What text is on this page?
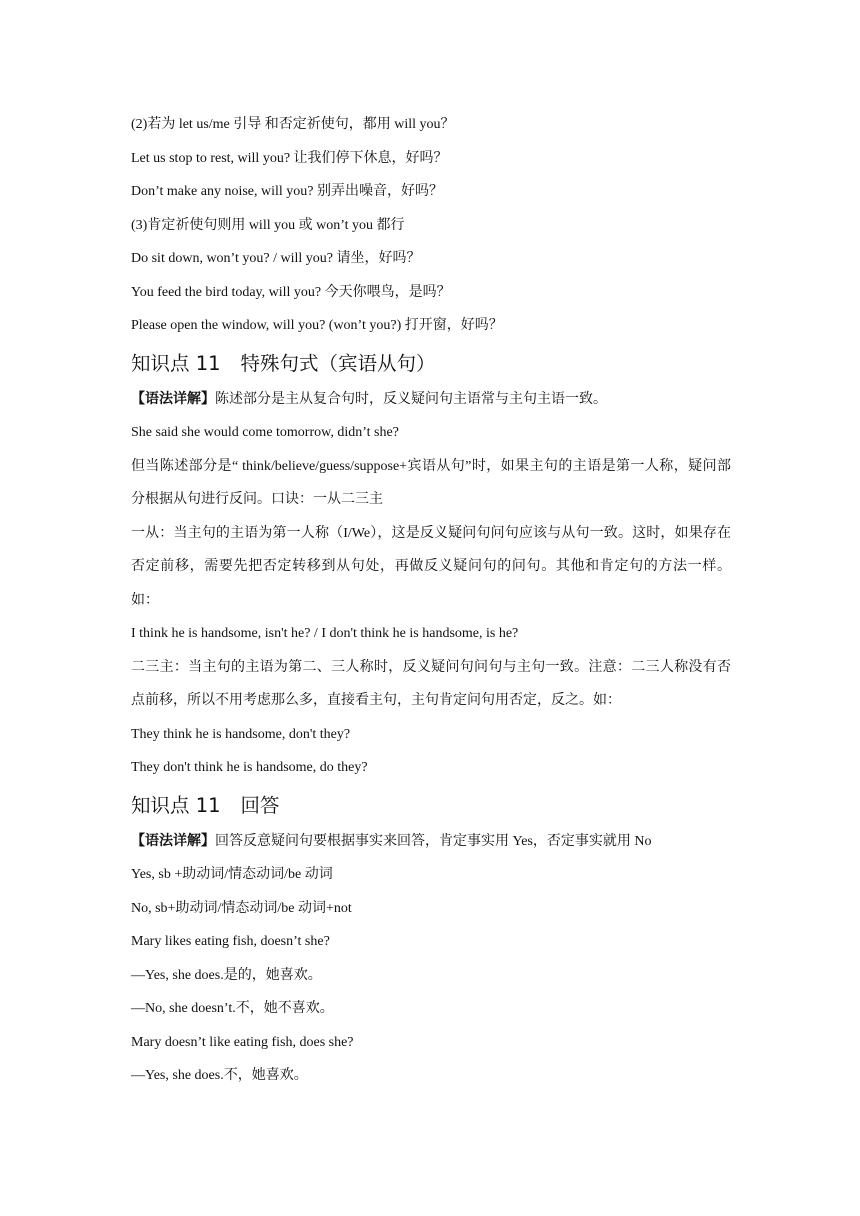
(2)若为 let us/me 引导 和否定祈使句，都用 will you？
Let us stop to rest, will you? 让我们停下休息，好吗？
Don’t make any noise, will you? 别弄出噪音，好吗？
(3)肯定祈使句则用 will you 或 won’t you 都行
Do sit down, won’t you? / will you? 请坐，好吗？
You feed the bird today, will you? 今天你喂鸟，是吗？
Please open the window, will you? (won’t you?) 打开窗，好吗？
知识点 11 特殊句式（宾语从句）
【语法详解】陈述部分是主从复合句时，反义疑问句主语常与主句主语一致。
She said she would come tomorrow, didn’t she?
但当陈述部分是“ think/believe/guess/suppose+宾语从句”时，如果主句的主语是第一人称，疑问部分根据从句进行反问。口诀：一从二三主
一从：当主句的主语为第一人称（I/We），这是反义疑问句问句应该与从句一致。这时，如果存在否定前移，需要先把否定转移到从句处，再做反义疑问句的问句。其他和肯定句的方法一样。如：
I think he is handsome, isn't he? / I don't think he is handsome, is he?
二三主：当主句的主语为第二、三人称时，反义疑问句问句与主句一致。注意：二三人称没有否点前移，所以不用考虑那么多，直接看主句，主句肯定问句用否定，反之。如：
They think he is handsome, don't they?
They don't think he is handsome, do they?
知识点 11 回答
【语法详解】回答反意疑问句要根据事实来回答，肯定事实用 Yes，否定事实就用 No
Yes, sb +助动词/情态动词/be 动词
No, sb+助动词/情态动词/be 动词+not
Mary likes eating fish, doesn’t she?
—Yes, she does.是的，她喜欢。
—No, she doesn’t.不，她不喜欢。
Mary doesn’t like eating fish, does she?
—Yes, she does.不，她喜欢。
